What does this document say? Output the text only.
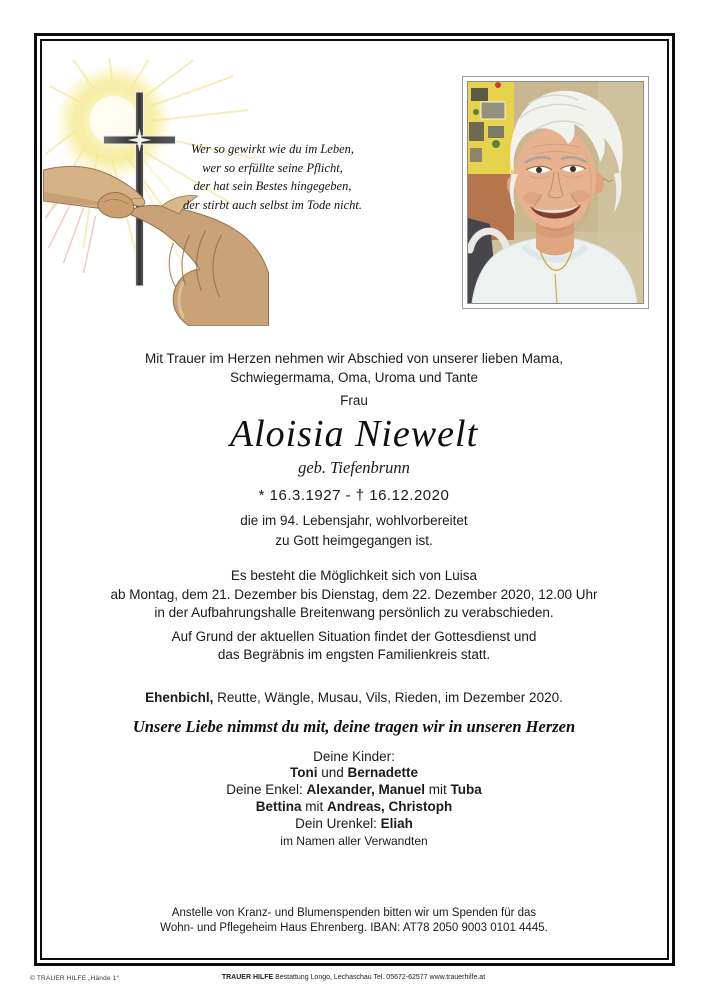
Wer so gewirkt wie du im Leben,
wer so erfüllte seine Pflicht,
der hat sein Bestes hingegeben,
der stirbt auch selbst im Tode nicht.
Mit Trauer im Herzen nehmen wir Abschied von unserer lieben Mama,
Schwiegermama, Oma, Uroma und Tante
Frau
Aloisia Niewelt
geb. Tiefenbrunn
* 16.3.1927 - † 16.12.2020
die im 94. Lebensjahr, wohlvorbereitet
zu Gott heimgegangen ist.
Es besteht die Möglichkeit sich von Luisa
ab Montag, dem 21. Dezember bis Dienstag, dem 22. Dezember 2020, 12.00 Uhr
in der Aufbahrungshalle Breitenwang persönlich zu verabschieden.
Auf Grund der aktuellen Situation findet der Gottesdienst und
das Begräbnis im engsten Familienkreis statt.
Ehenbichl, Reutte, Wängle, Musau, Vils, Rieden, im Dezember 2020.
Unsere Liebe nimmst du mit, deine tragen wir in unseren Herzen
Deine Kinder:
Toni und Bernadette
Deine Enkel: Alexander, Manuel mit Tuba
Bettina mit Andreas, Christoph
Dein Urenkel: Eliah
im Namen aller Verwandten
Anstelle von Kranz- und Blumenspenden bitten wir um Spenden für das
Wohn- und Pflegeheim Haus Ehrenberg. IBAN: AT78 2050 9003 0101 4445.
© TRAUER HILFE „Hände 1“	TRAUER HILFE Bestattung Longo, Lechaschau Tel. 05672-62577 www.trauerhilfe.at
